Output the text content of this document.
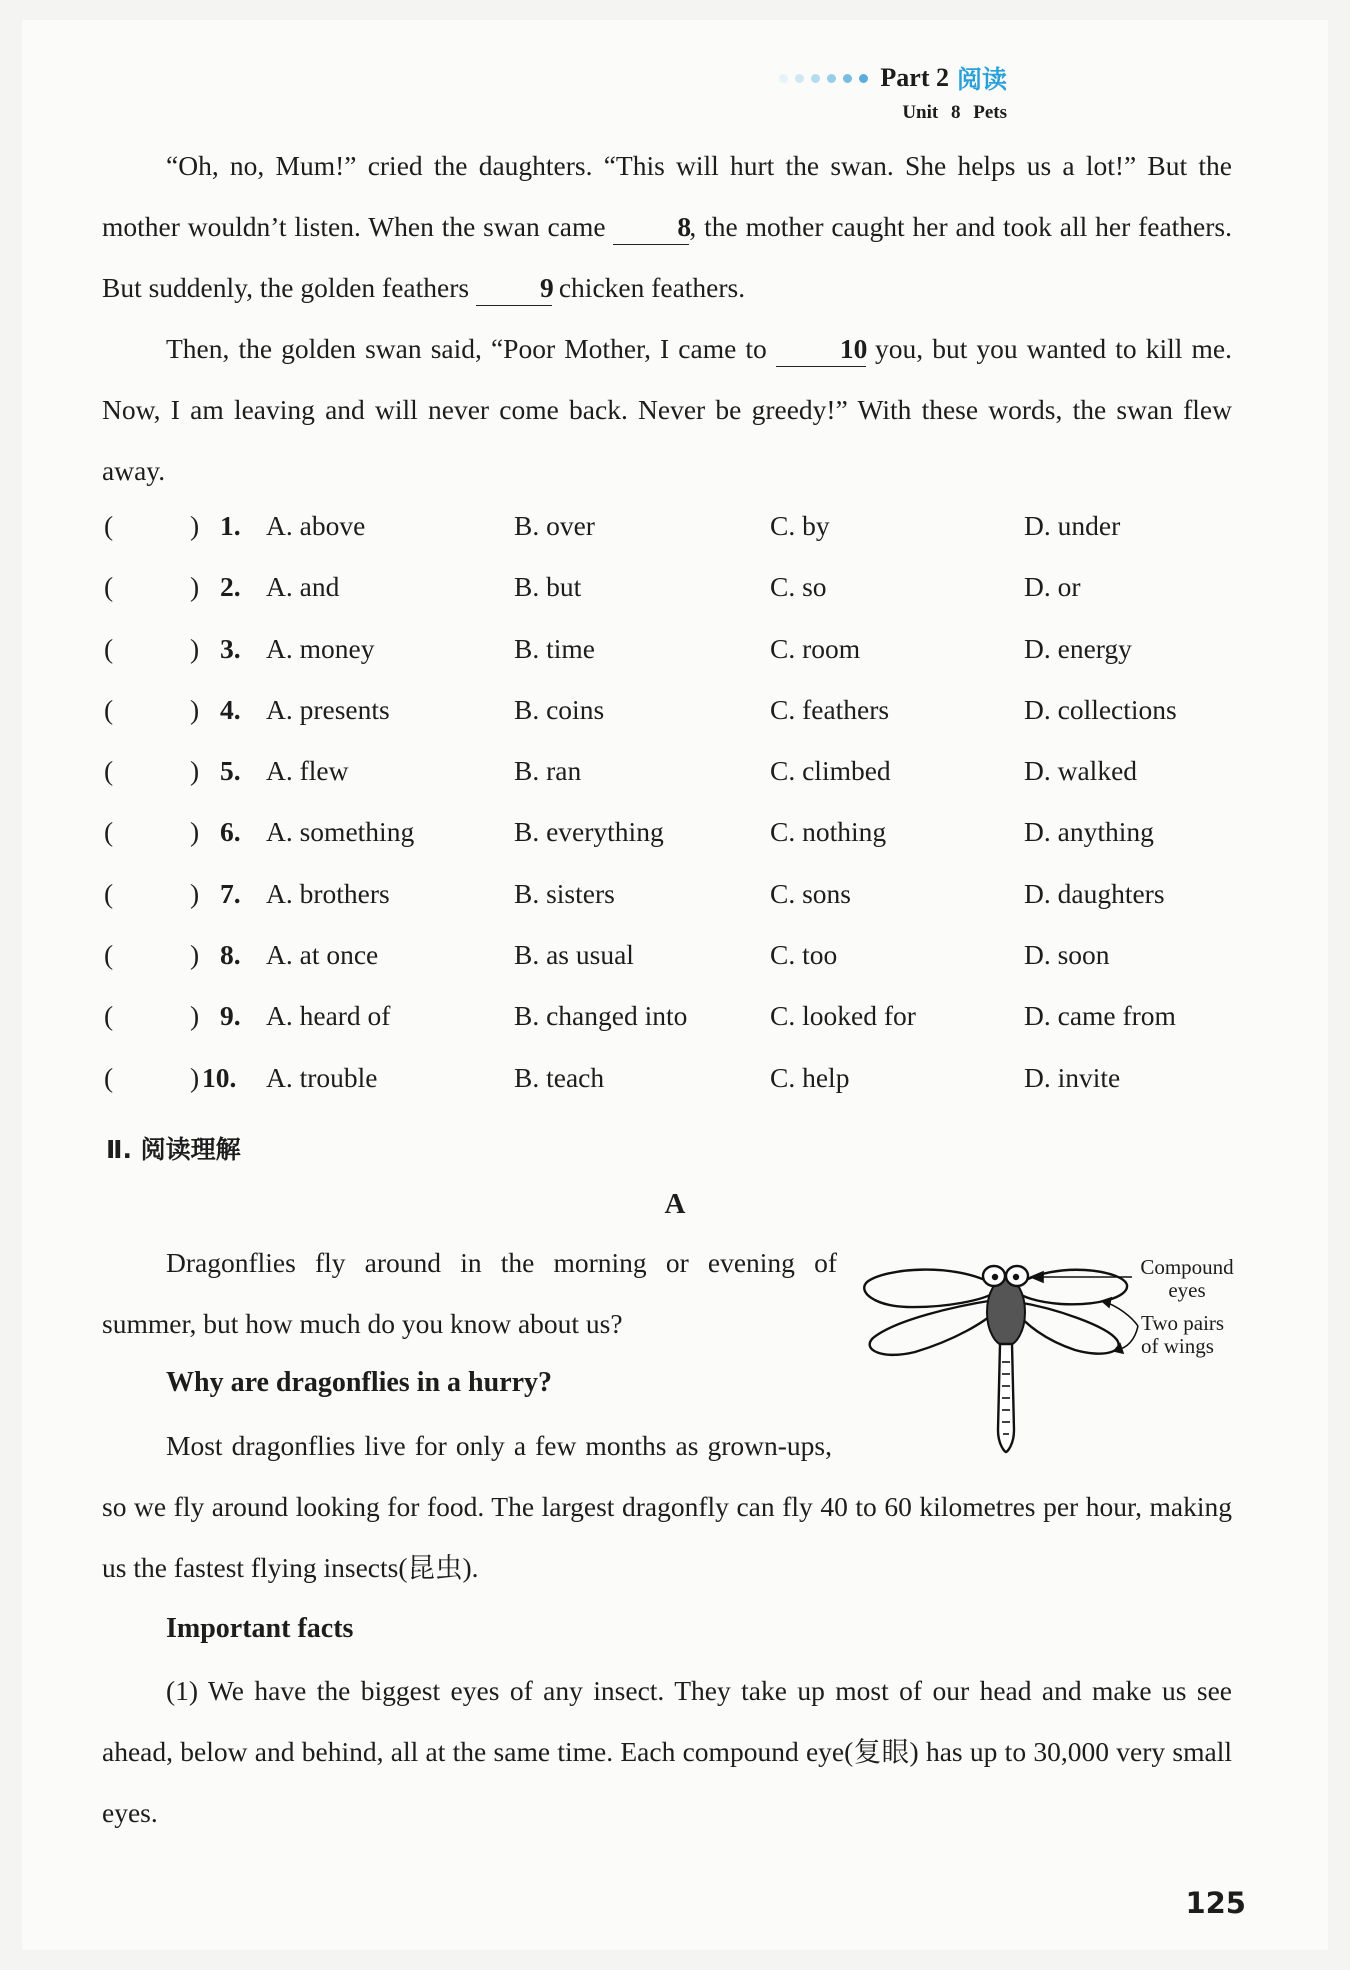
Part 2 阅读
Unit 8 Pets
“Oh, no, Mum!” cried the daughters. “This will hurt the swan. She helps us a lot!” But the mother wouldn’t listen. When the swan came	8, the mother caught her and took all her feathers. But suddenly, the golden feathers	9 chicken feathers.
Then, the golden swan said, “Poor Mother, I came to	10 you, but you wanted to kill me. Now, I am leaving and will never come back. Never be greedy!” With these words, the swan flew away.
(	) 1. A. above	B. over	C. by	D. under
(	) 2. A. and	B. but	C. so	D. or
(	) 3. A. money	B. time	C. room	D. energy
(	) 4. A. presents	B. coins	C. feathers	D. collections
(	) 5. A. flew	B. ran	C. climbed	D. walked
(	) 6. A. something	B. everything	C. nothing	D. anything
(	) 7. A. brothers	B. sisters	C. sons	D. daughters
(	) 8. A. at once	B. as usual	C. too	D. soon
(	) 9. A. heard of	B. changed into	C. looked for	D. came from
(	) 10. A. trouble	B. teach	C. help	D. invite
Ⅱ. 阅读理解
A
Dragonflies fly around in the morning or evening of summer, but how much do you know about us?
Why are dragonflies in a hurry?
Most dragonflies live for only a few months as grown-ups, so we fly around looking for food. The largest dragonfly can fly 40 to 60 kilometres per hour, making us the fastest flying insects(昆虫).
Important facts
(1) We have the biggest eyes of any insect. They take up most of our head and make us see ahead, below and behind, all at the same time. Each compound eye(复眼) has up to 30,000 very small eyes.
Compound
eyes
Two pairs
of wings
125
